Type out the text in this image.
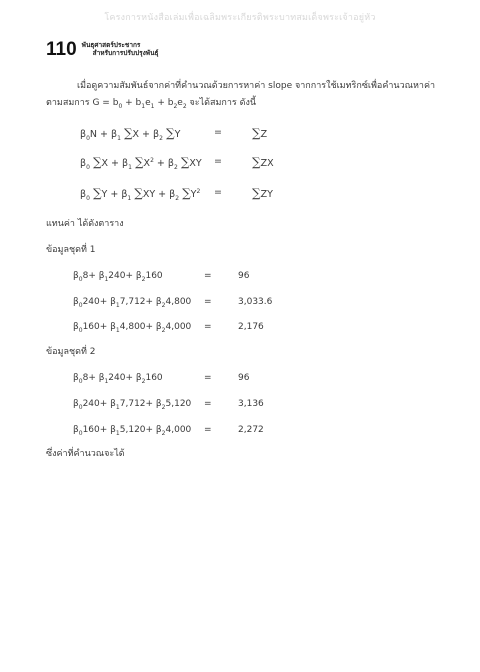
โครงการหนังสือเล่มเพื่อเฉลิมพระเกียรติพระบาทสมเด็จพระเจ้าอยู่หัว
110 พันธุศาสตร์ประชากร
สำหรับการปรับปรุงพันธุ์
เมื่อดูความสัมพันธ์จากค่าที่คำนวณด้วยการหาค่า slope จากการใช้เมทริกซ์เพื่อคำนวณหาค่า
ตามสมการ $G = b_0 + b_1e_1 + b_2e_2$ จะได้สมการ ดังนี้
$\beta_0N + \beta_1$ $\sum X + \beta_2$ ∑Y	=	∑Z
$\beta_0$ $\sum X + \beta_1$ $\sum X^2 + \beta_2$ ∑XY =	∑ZX
$\beta_0$ $\sum Y + \beta_1$ $\sum XY + \beta_2$ $\sum Y^2$ =	∑ZY
แทนค่า ได้ดังตาราง
ข้อมูลชุดที่ 1
$\beta_08+ \beta_1240+ \beta_2160$	=	96
$\beta_0240+ \beta_17,712+ \beta_24,800$ =	3,033.6
$\beta_0160+ \beta_14,800+ \beta_24,000$ =	2,176
ข้อมูลชุดที่ 2
$\beta_08+ \beta_1240+ \beta_2160$	=	96
$\beta_0240+ \beta_17,712+ \beta_25,120$ =	3,136
$\beta_0160+ \beta_15,120+ \beta_24,000$ =	2,272
ซึ่งค่าที่คำนวณจะได้
